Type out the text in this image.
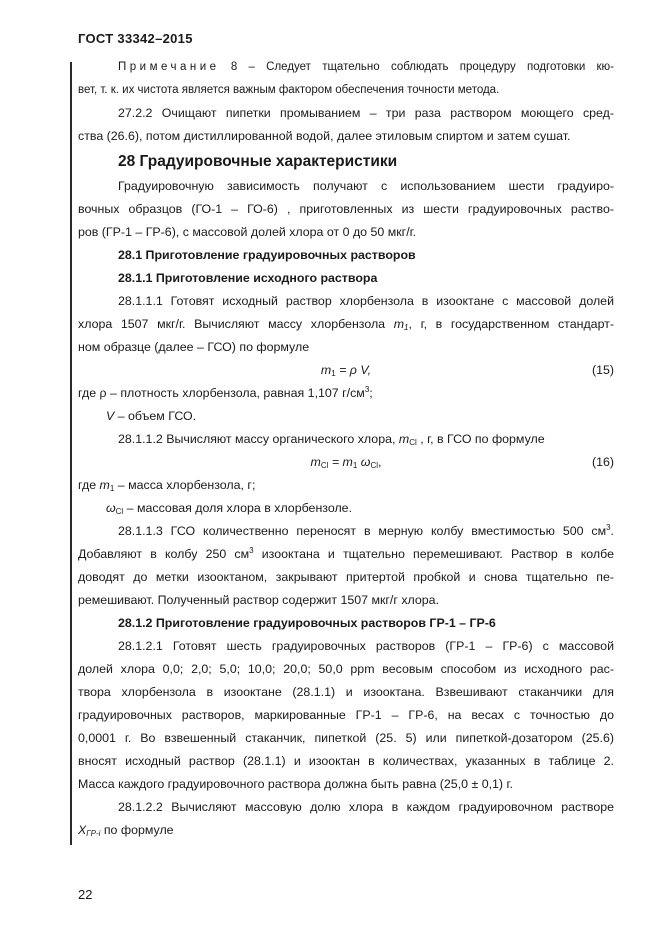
ГОСТ 33342–2015
Примечание 8 – Следует тщательно соблюдать процедуру подготовки кю-
вет, т. к. их чистота является важным фактором обеспечения точности метода.
27.2.2 Очищают пипетки промыванием – три раза раствором моющего сред-
ства (26.6), потом дистиллированной водой, далее этиловым спиртом и затем сушат.
28 Градуировочные характеристики
Градуировочную зависимость получают с использованием шести градуиро-
вочных образцов (ГО-1 – ГО-6) , приготовленных из шести градуировочных раство-
ров (ГР-1 – ГР-6), с массовой долей хлора от 0 до 50 мкг/г.
28.1 Приготовление градуировочных растворов
28.1.1 Приготовление исходного раствора
28.1.1.1 Готовят исходный раствор хлорбензола в изооктане с массовой долей
хлора 1507 мкг/г. Вычисляют массу хлорбензола $m_1$, г, в государственном стандарт-
ном образце (далее – ГСО) по формуле
$m_1 = \rho$ V,	(15)
где ρ – плотность хлорбензола, равная 1,107 $г/см^3$;
V – объем ГСО.
28.1.1.2 Вычисляют массу органического хлора, $m_{Cl}$ , г, в ГСО по формуле
$m_{Cl} = m_1$ $\omega_{Cl}$,	(16)
где $m_1$ – масса хлорбензола, г;
$\omega_{Cl}$ – массовая доля хлора в хлорбензоле.
28.1.1.3 ГСО количественно переносят в мерную колбу вместимостью 500 $см^3$.
Добавляют в колбу 250 $см^3$ изооктана и тщательно перемешивают. Раствор в колбе
доводят до метки изооктаном, закрывают притертой пробкой и снова тщательно пе-
ремешивают. Полученный раствор содержит 1507 мкг/г хлора.
28.1.2 Приготовление градуировочных растворов ГР-1 – ГР-6
28.1.2.1 Готовят шесть градуировочных растворов (ГР-1 – ГР-6) с массовой
долей хлора 0,0; 2,0; 5,0; 10,0; 20,0; 50,0 ppm весовым способом из исходного рас-
твора хлорбензола в изооктане (28.1.1) и изооктана. Взвешивают стаканчики для
градуировочных растворов, маркированные ГР-1 – ГР-6, на весах с точностью до
0,0001 г. Во взвешенный стаканчик, пипеткой (25. 5) или пипеткой-дозатором (25.6)
вносят исходный раствор (28.1.1) и изооктан в количествах, указанных в таблице 2.
Масса каждого градуировочного раствора должна быть равна (25,0 ± 0,1) г.
28.1.2.2 Вычисляют массовую долю хлора в каждом градуировочном растворе
$X_{ГР-i}$ по формуле
22
